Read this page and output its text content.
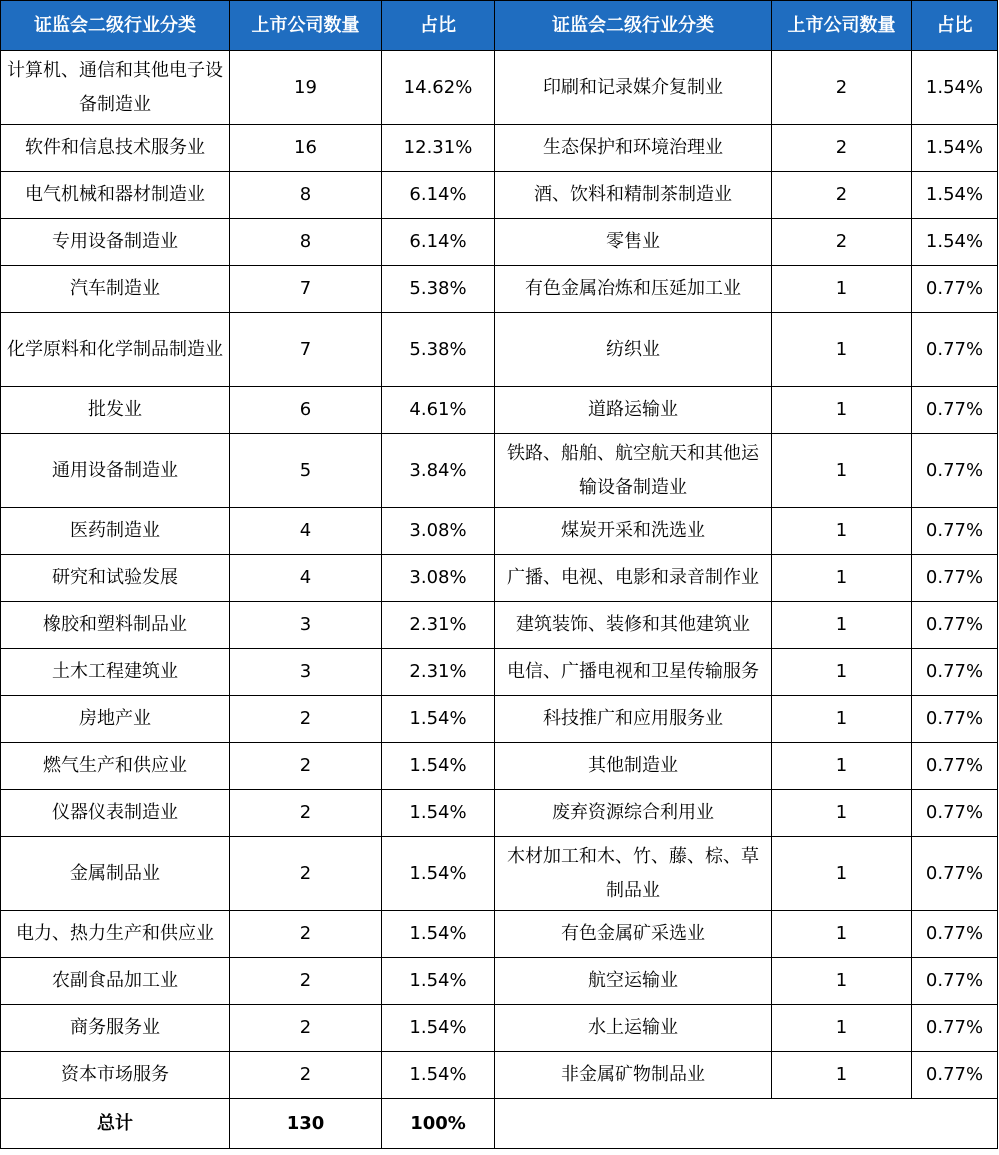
证监会二级行业分类	上市公司数量	占比	证监会二级行业分类	上市公司数量	占比
计算机、通信和其他电子设备制造业	19	14.62%	印刷和记录媒介复制业	2	1.54%
软件和信息技术服务业	16	12.31%	生态保护和环境治理业	2	1.54%
电气机械和器材制造业	8	6.14%	酒、饮料和精制茶制造业	2	1.54%
专用设备制造业	8	6.14%	零售业	2	1.54%
汽车制造业	7	5.38%	有色金属冶炼和压延加工业	1	0.77%
化学原料和化学制品制造业	7	5.38%	纺织业	1	0.77%
批发业	6	4.61%	道路运输业	1	0.77%
通用设备制造业	5	3.84%	铁路、船舶、航空航天和其他运输设备制造业	1	0.77%
医药制造业	4	3.08%	煤炭开采和洗选业	1	0.77%
研究和试验发展	4	3.08%	广播、电视、电影和录音制作业	1	0.77%
橡胶和塑料制品业	3	2.31%	建筑装饰、装修和其他建筑业	1	0.77%
土木工程建筑业	3	2.31%	电信、广播电视和卫星传输服务	1	0.77%
房地产业	2	1.54%	科技推广和应用服务业	1	0.77%
燃气生产和供应业	2	1.54%	其他制造业	1	0.77%
仪器仪表制造业	2	1.54%	废弃资源综合利用业	1	0.77%
金属制品业	2	1.54%	木材加工和木、竹、藤、棕、草制品业	1	0.77%
电力、热力生产和供应业	2	1.54%	有色金属矿采选业	1	0.77%
农副食品加工业	2	1.54%	航空运输业	1	0.77%
商务服务业	2	1.54%	水上运输业	1	0.77%
资本市场服务	2	1.54%	非金属矿物制品业	1	0.77%
总计	130	100%			
